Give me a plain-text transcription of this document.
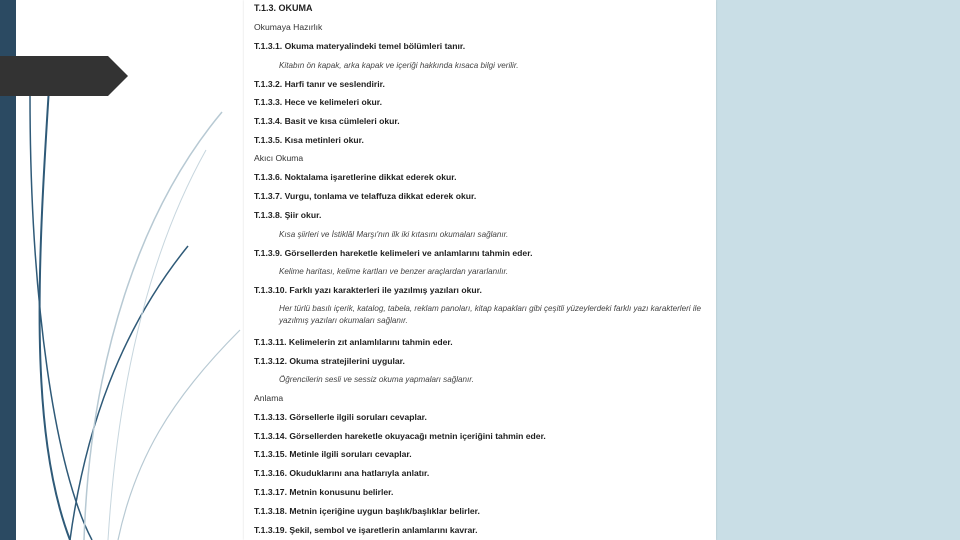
T.1.3. OKUMA
Okumaya Hazırlık
T.1.3.1. Okuma materyalindeki temel bölümleri tanır.
Kitabın ön kapak, arka kapak ve içeriği hakkında kısaca bilgi verilir.
T.1.3.2. Harfi tanır ve seslendirir.
T.1.3.3. Hece ve kelimeleri okur.
T.1.3.4. Basit ve kısa cümleleri okur.
T.1.3.5. Kısa metinleri okur.
Akıcı Okuma
T.1.3.6. Noktalama işaretlerine dikkat ederek okur.
T.1.3.7. Vurgu, tonlama ve telaffuza dikkat ederek okur.
T.1.3.8. Şiir okur.
Kısa şiirleri ve İstiklâl Marşı'nın ilk iki kıtasını okumaları sağlanır.
T.1.3.9. Görsellerden hareketle kelimeleri ve anlamlarını tahmin eder.
Kelime haritası, kelime kartları ve benzer araçlardan yararlanılır.
T.1.3.10. Farklı yazı karakterleri ile yazılmış yazıları okur.
Her türlü basılı içerik, katalog, tabela, reklam panoları, kitap kapakları gibi çeşitli yüzeylerdeki farklı yazı karakterleri ile yazılmış yazıları okumaları sağlanır.
T.1.3.11. Kelimelerin zıt anlamlılarını tahmin eder.
T.1.3.12. Okuma stratejilerini uygular.
Öğrencilerin sesli ve sessiz okuma yapmaları sağlanır.
Anlama
T.1.3.13. Görsellerle ilgili soruları cevaplar.
T.1.3.14. Görsellerden hareketle okuyacağı metnin içeriğini tahmin eder.
T.1.3.15. Metinle ilgili soruları cevaplar.
T.1.3.16. Okuduklarını ana hatlarıyla anlatır.
T.1.3.17. Metnin konusunu belirler.
T.1.3.18. Metnin içeriğine uygun başlık/başlıklar belirler.
T.1.3.19. Şekil, sembol ve işaretlerin anlamlarını kavrar.
